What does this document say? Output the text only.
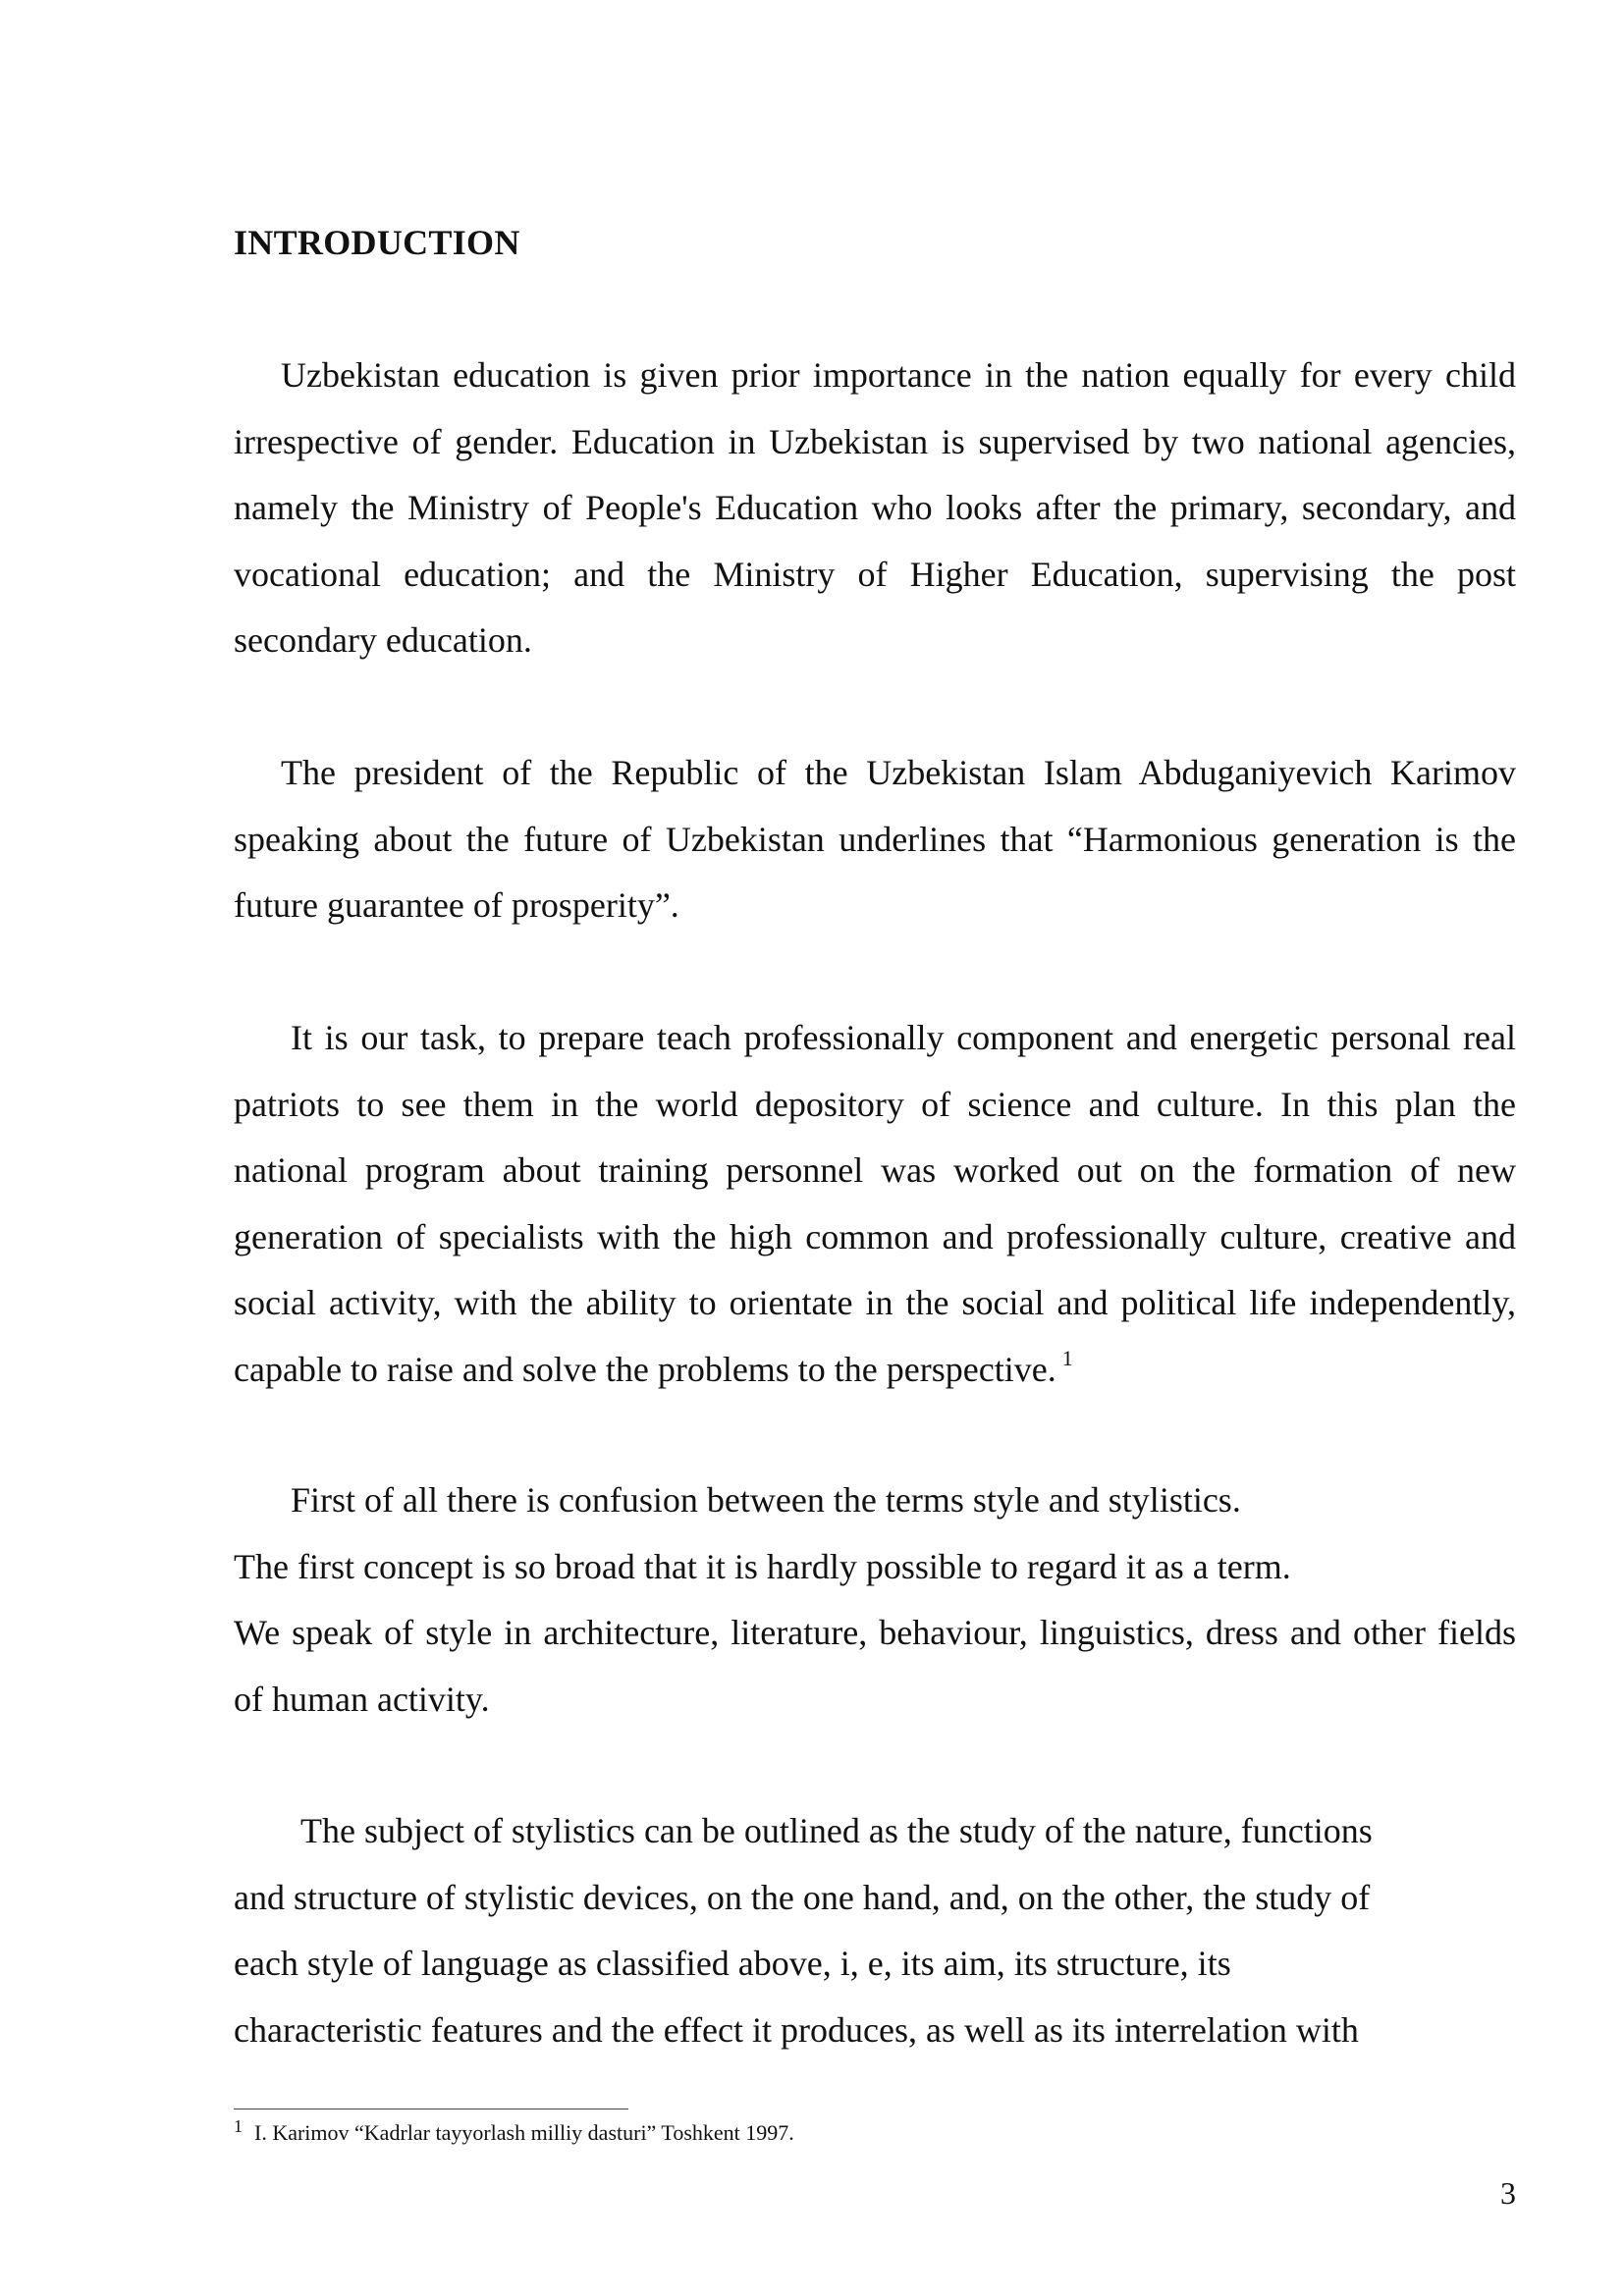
INTRODUCTION

Uzbekistan education is given prior importance in the nation equally for every child irrespective of gender. Education in Uzbekistan is supervised by two national agencies, namely the Ministry of People's Education who looks after the primary, secondary, and vocational education; and the Ministry of Higher Education, supervising the post secondary education.

The president of the Republic of the Uzbekistan Islam Abduganiyevich Karimov speaking about the future of Uzbekistan underlines that “Harmonious generation is the future guarantee of prosperity”.

It is our task, to prepare teach professionally component and energetic personal real patriots to see them in the world depository of science and culture. In this plan the national program about training personnel was worked out on the formation of new generation of specialists with the high common and professionally culture, creative and social activity, with the ability to orientate in the social and political life independently, capable to raise and solve the problems to the perspective. $^1$

First of all there is confusion between the terms style and stylistics.
The first concept is so broad that it is hardly possible to regard it as a term.
We speak of style in architecture, literature, behaviour, linguistics, dress and other fields of human activity.
The subject of stylistics can be outlined as the study of the nature, functions
and structure of stylistic devices, on the one hand, and, on the other, the study of
each style of language as classified above, i, e, its aim, its structure, its
characteristic features and the effect it produces, as well as its interrelation with
$^1$ I. Karimov “Kadrlar tayyorlash milliy dasturi” Toshkent 1997.
3
